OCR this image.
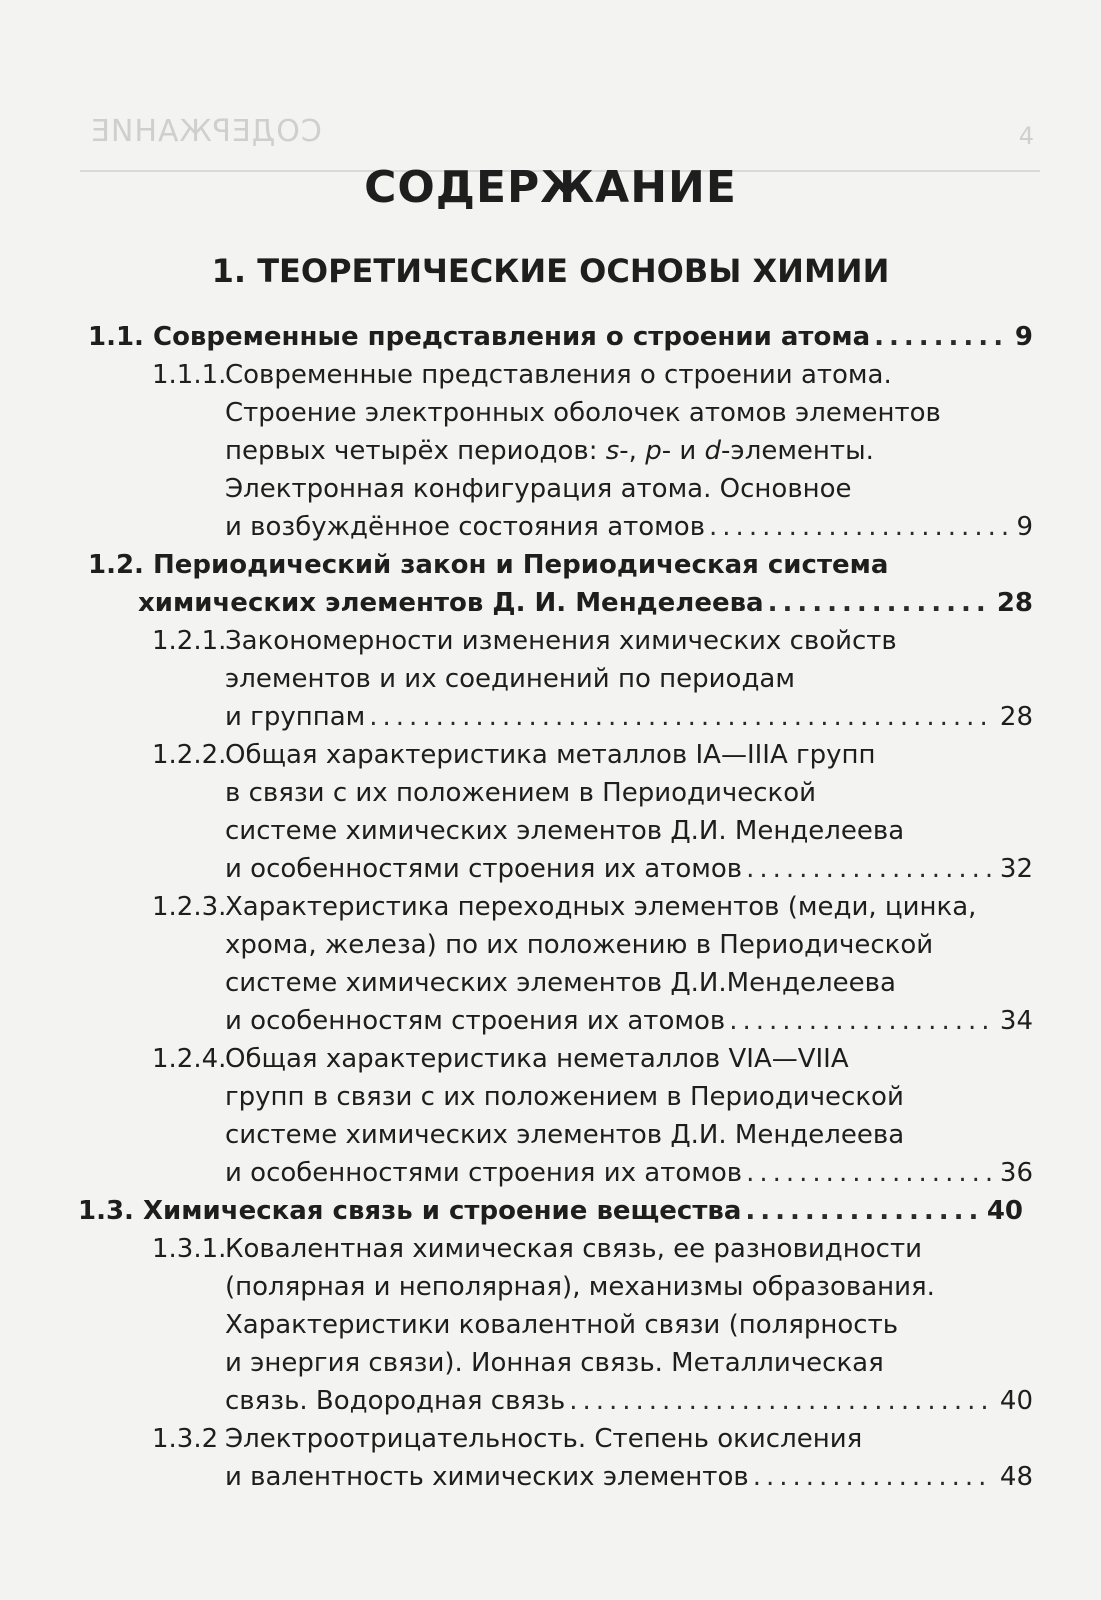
СОДЕРЖАНИЕ	4
СОДЕРЖАНИЕ
1. ТЕОРЕТИЧЕСКИЕ ОСНОВЫ ХИМИИ
1.1. Современные представления о строении атома .....	9
1.1.1.
Современные представления о строении атома.
Строение электронных оболочек атомов элементов
первых четырёх периодов: s-, p- и d-элементы.
Электронная конфигурация атома. Основное
и возбуждённое состояния атомов .....	9
1.2. Периодический закон и Периодическая система
химических элементов Д. И. Менделеева .....	28
1.2.1.
Закономерности изменения химических свойств
элементов и их соединений по периодам
и группам .....	28
1.2.2.
Общая характеристика металлов IA—IIIA групп
в связи с их положением в Периодической
системе химических элементов Д.И. Менделеева
и особенностями строения их атомов .....	32
1.2.3.
Характеристика переходных элементов (меди, цинка,
хрома, железа) по их положению в Периодической
системе химических элементов Д.И.Менделеева
и особенностям строения их атомов .....	34
1.2.4.
Общая характеристика неметаллов VIA—VIIA
групп в связи с их положением в Периодической
системе химических элементов Д.И. Менделеева
и особенностями строения их атомов .....	36
1.3. Химическая связь и строение вещества .....	40
1.3.1.
Ковалентная химическая связь, ее разновидности
(полярная и неполярная), механизмы образования.
Характеристики ковалентной связи (полярность
и энергия связи). Ионная связь. Металлическая
связь. Водородная связь .....	40
1.3.2 Электроотрицательность. Степень окисления
и валентность химических элементов .....	48
